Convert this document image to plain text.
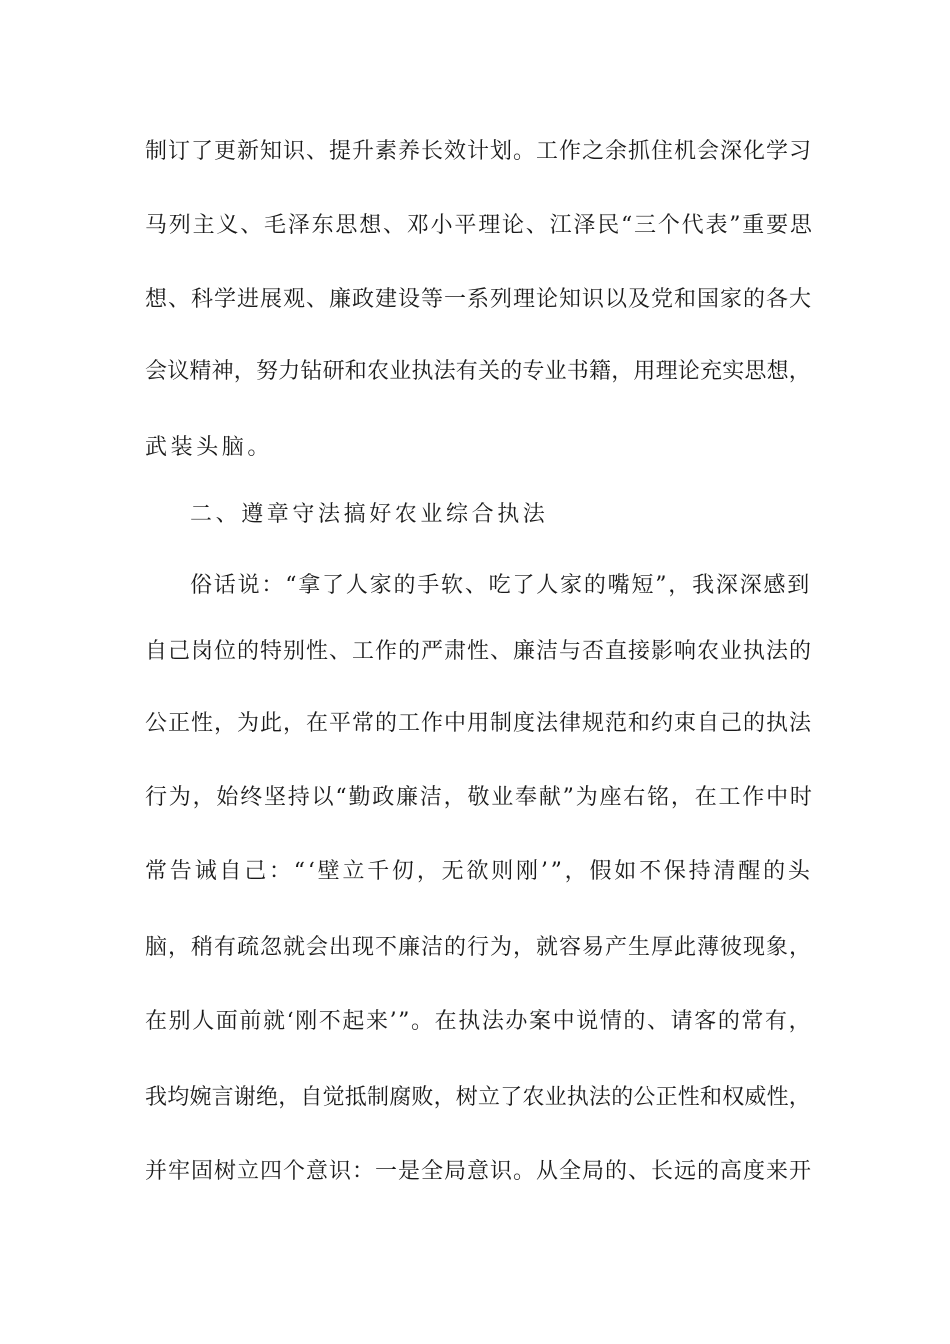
制订了更新知识、提升素养长效计划。工作之余抓住机会深化学习
马列主义、毛泽东思想、邓小平理论、江泽民“三个代表”重要思
想、科学进展观、廉政建设等一系列理论知识以及党和国家的各大
会议精神，努力钻研和农业执法有关的专业书籍，用理论充实思想，
武装头脑。
二、遵章守法搞好农业综合执法
俗话说：“拿了人家的手软、吃了人家的嘴短”，我深深感到
自己岗位的特别性、工作的严肃性、廉洁与否直接影响农业执法的
公正性，为此，在平常的工作中用制度法律规范和约束自己的执法
行为，始终坚持以“勤政廉洁，敬业奉献”为座右铭，在工作中时
常告诫自己：“‘壁立千仞，无欲则刚’”，假如不保持清醒的头
脑，稍有疏忽就会出现不廉洁的行为，就容易产生厚此薄彼现象，
在别人面前就‘刚不起来’”。在执法办案中说情的、请客的常有，
我均婉言谢绝，自觉抵制腐败，树立了农业执法的公正性和权威性，
并牢固树立四个意识：一是全局意识。从全局的、长远的高度来开
